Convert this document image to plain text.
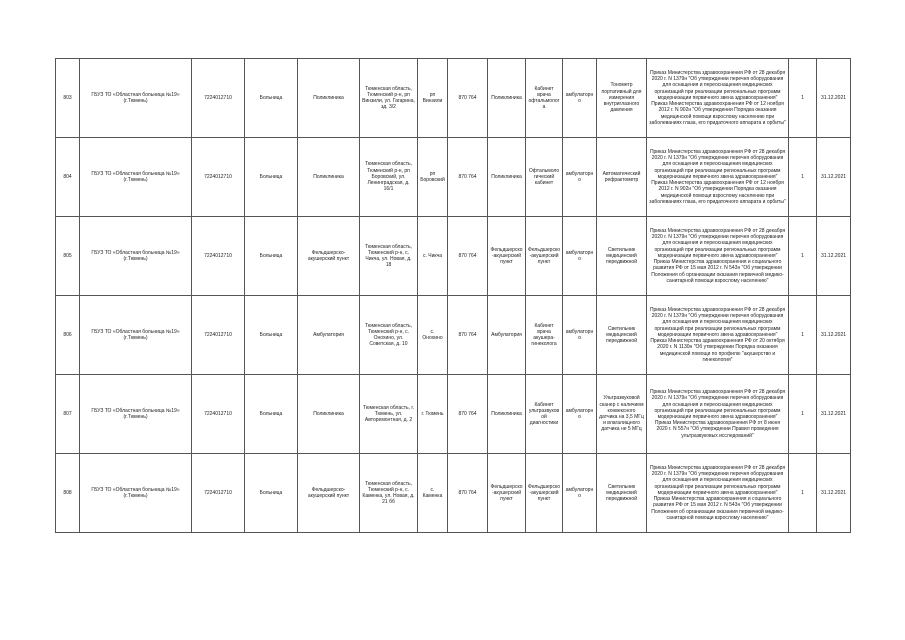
803	ГБУЗ ТО «Областная больница №19» (г.Тюмень)	7224012710	Больница	Поликлиника	Тюменская область, Тюменский р-н, рп Винзили, ул. Гагарина, зд. 3/2	рп Винзили	870 764	Поликлиника	Кабинет врача офтальмолога	амбулаторно	Тонометр портативный для измерения внутриглазного давления	Приказ Министерства здравоохранения РФ от 28 декабря 2020 г. N 1379н "Об утверждении перечня оборудования для оснащения и переоснащения медицинских организаций при реализации региональных программ модернизации первичного звена здравоохранения" Приказ Министерства здравоохранения РФ от 12 ноября 2012 г. N 902н "Об утверждении Порядка оказания медицинской помощи взрослому населению при заболеваниях глаза, его придаточного аппарата и орбиты"	1	31.12.2021
804	ГБУЗ ТО «Областная больница №19» (г.Тюмень)	7224012710	Больница	Поликлиника	Тюменская область, Тюменский р-н, рп Боровский, ул. Ленинградская, д. 16/1	рп Боровский	870 764	Поликлиника	Офтальмологический кабинет	амбулаторно	Автоматический рефрактометр	Приказ Министерства здравоохранения РФ от 28 декабря 2020 г. N 1379н "Об утверждении перечня оборудования для оснащения и переоснащения медицинских организаций при реализации региональных программ модернизации первичного звена здравоохранения" Приказ Министерства здравоохранения РФ от 12 ноября 2012 г. N 902н "Об утверждении Порядка оказания медицинской помощи взрослому населению при заболеваниях глаза, его придаточного аппарата и орбиты"	1	31.12.2021
805	ГБУЗ ТО «Областная больница №19» (г.Тюмень)	7224012710	Больница	Фельдшерско-акушерский пункт	Тюменская область, Тюменский р-н, с. Чикча, ул. Новая, д. 18	с. Чикча	870 764	Фельдшерско-акушерский пункт	Фельдшерско-акушерский пункт	амбулаторно	Светильник медицинский передвижной	Приказ Министерства здравоохранения РФ от 28 декабря 2020 г. N 1379н "Об утверждении перечня оборудования для оснащения и переоснащения медицинских организаций при реализации региональных программ модернизации первичного звена здравоохранения" Приказ Министерства здравоохранения и социального развития РФ от 15 мая 2012 г. N 543н "Об утверждении Положения об организации оказания первичной медико-санитарной помощи взрослому населению"	1	31.12.2021
806	ГБУЗ ТО «Областная больница №19» (г.Тюмень)	7224012710	Больница	Амбулатория	Тюменская область, Тюменский р-н, с. Онохино, ул. Советская, д. 10	с. Онохино	870 764	Амбулатория	Кабинет врача акушера-гинеколога	амбулаторно	Светильник медицинский передвижной	Приказ Министерства здравоохранения РФ от 28 декабря 2020 г. N 1379н "Об утверждении перечня оборудования для оснащения и переоснащения медицинских организаций при реализации региональных программ модернизации первичного звена здравоохранения" Приказ Министерства здравоохранения РФ от 20 октября 2020 г. N 1130н "Об утверждении Порядка оказания медицинской помощи по профилю "акушерство и гинекология"	1	31.12.2021
807	ГБУЗ ТО «Областная больница №19» (г.Тюмень)	7224012710	Больница	Поликлиника	Тюменская область, г. Тюмень, ул. Авторемонтная, д. 2	г. Тюмень	870 764	Поликлиника	Кабинет ультразвуковой диагностики	амбулаторно	Ультразвуковой сканер с наличием конвексного датчика на 3,5 МГц и влагалищного датчика не 5 МГц	Приказ Министерства здравоохранения РФ от 28 декабря 2020 г. N 1379н "Об утверждении перечня оборудования для оснащения и переоснащения медицинских организаций при реализации региональных программ модернизации первичного звена здравоохранения" Приказ Министерства здравоохранения РФ от 8 июня 2020 г. N 557н "Об утверждении Правил проведения ультразвуковых исследований"	1	31.12.2021
808	ГБУЗ ТО «Областная больница №19» (г.Тюмень)	7224012710	Больница	Фельдшерско-акушерский пункт	Тюменская область, Тюменский р-н, с. Каменка, ул. Новая, д. 21 бб	с. Каменка	870 764	Фельдшерско-акушерский пункт	Фельдшерско-акушерский пункт	амбулаторно	Светильник медицинский передвижной	Приказ Министерства здравоохранения РФ от 28 декабря 2020 г. N 1379н "Об утверждении перечня оборудования для оснащения и переоснащения медицинских организаций при реализации региональных программ модернизации первичного звена здравоохранения" Приказ Министерства здравоохранения и социального развития РФ от 15 мая 2012 г. N 543н "Об утверждении Положения об организации оказания первичной медико-санитарной помощи взрослому населению"	1	31.12.2021
